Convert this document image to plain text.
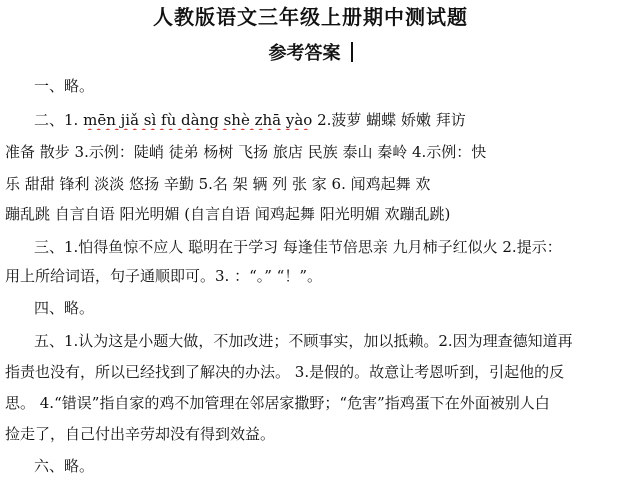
人教版语文三年级上册期中测试题
参考答案
一、略。
二、1. mēn jiǎ sì fù dàng shè zhā yào 2.菠萝 蝴蝶 娇嫩 拜访
准备 散步 3.示例：陡峭 徒弟 杨树 飞扬 旅店 民族 泰山 秦岭 4.示例：快
乐 甜甜 锋利 淡淡 悠扬 辛勤 5.名 架 辆 列 张 家 6. 闻鸡起舞 欢
蹦乱跳 自言自语 阳光明媚 (自言自语 闻鸡起舞 阳光明媚 欢蹦乱跳)
三、1.怕得鱼惊不应人 聪明在于学习 每逢佳节倍思亲 九月柿子红似火 2.提示：
用上所给词语，句子通顺即可。3. ：“。” “！”。
四、略。
五、1.认为这是小题大做，不加改进；不顾事实，加以抵赖。2.因为理查德知道再
指责也没有，所以已经找到了解决的办法。 3.是假的。故意让考恩听到，引起他的反
思。 4.“错误”指自家的鸡不加管理在邻居家撒野；“危害”指鸡蛋下在外面被别人白
捡走了，自己付出辛劳却没有得到效益。
六、略。
